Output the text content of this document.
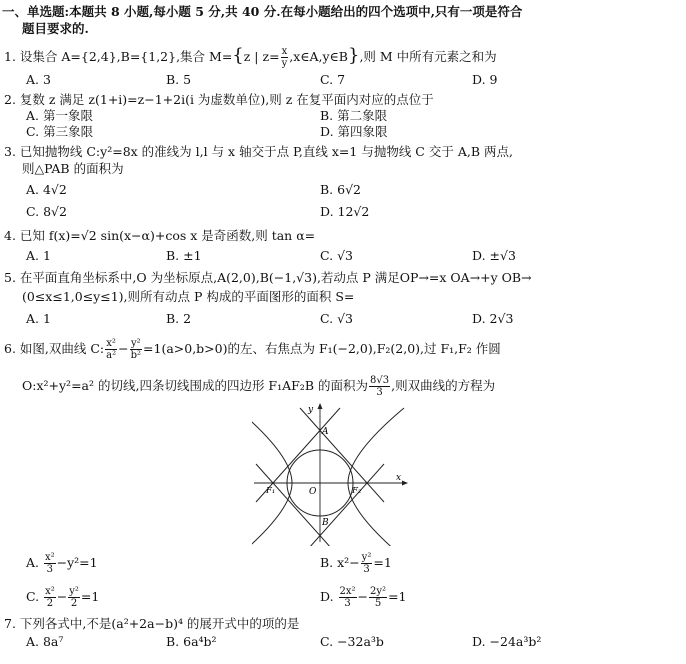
一、单选题:本题共 8 小题,每小题 5 分,共 40 分.在每小题给出的四个选项中,只有一项是符合
题目要求的.
1. 设集合 A={2,4},B={1,2},集合 M={z | $z= \frac{x}{y}$ ,x∈A,y∈B},则 M 中所有元素之和为
A. 3	B. 5	C. 7	D. 9
2. 复数 z 满足 z(1+i)=z−1+2i(i 为虚数单位),则 z 在复平面内对应的点位于
A. 第一象限	B. 第二象限
C. 第三象限	D. 第四象限
3. 已知抛物线 C:y²=8x 的准线为 l,l 与 x 轴交于点 P,直线 x=1 与抛物线 C 交于 A,B 两点,
则△PAB 的面积为
A. 4√2	B. 6√2
C. 8√2	D. 12√2
4. 已知 f(x)=√2 sin(x−α)+cos x 是奇函数,则 tan α=
A. 1	B. ±1	C. √3	D. ±√3
5. 在平面直角坐标系中,O 为坐标原点,A(2,0),B(−1,√3),若动点 P 满足OP→=x OA→+y OB→
(0≤x≤1,0≤y≤1),则所有动点 P 构成的平面图形的面积 S=
A. 1	B. 2	C. √3	D. 2√3
6. 如图,双曲线 C: $\frac{\text{x²}}{\text{a²}} - \frac{\text{y²}}{\text{b²}} =1(a>0,b>0)$的左、右焦点为 F₁(−2,0),F₂(2,0),过 F₁,F₂ 作圆
O:x²+y²=a² 的切线,四条切线围成的四边形 F₁AF₂B 的面积为 $\frac{8√3}{3}$ ,则双曲线的方程为
y
x
O
A
B
F₁	F₂
A. $\frac{\text{x²}}{3} -y^2=1$	B. $x^2- \frac{\text{y²}}{3} =1$
C. $\frac{\text{x²}}{2} - \frac{\text{y²}}{2} =1$	D. $\frac{\text{2x²}}{3} - \frac{\text{2y²}}{5} =1$
7. 下列各式中,不是(a²+2a−b)⁴ 的展开式中的项的是
A. 8a⁷	B. 6a⁴b²	C. −32a³b	D. −24a³b²
